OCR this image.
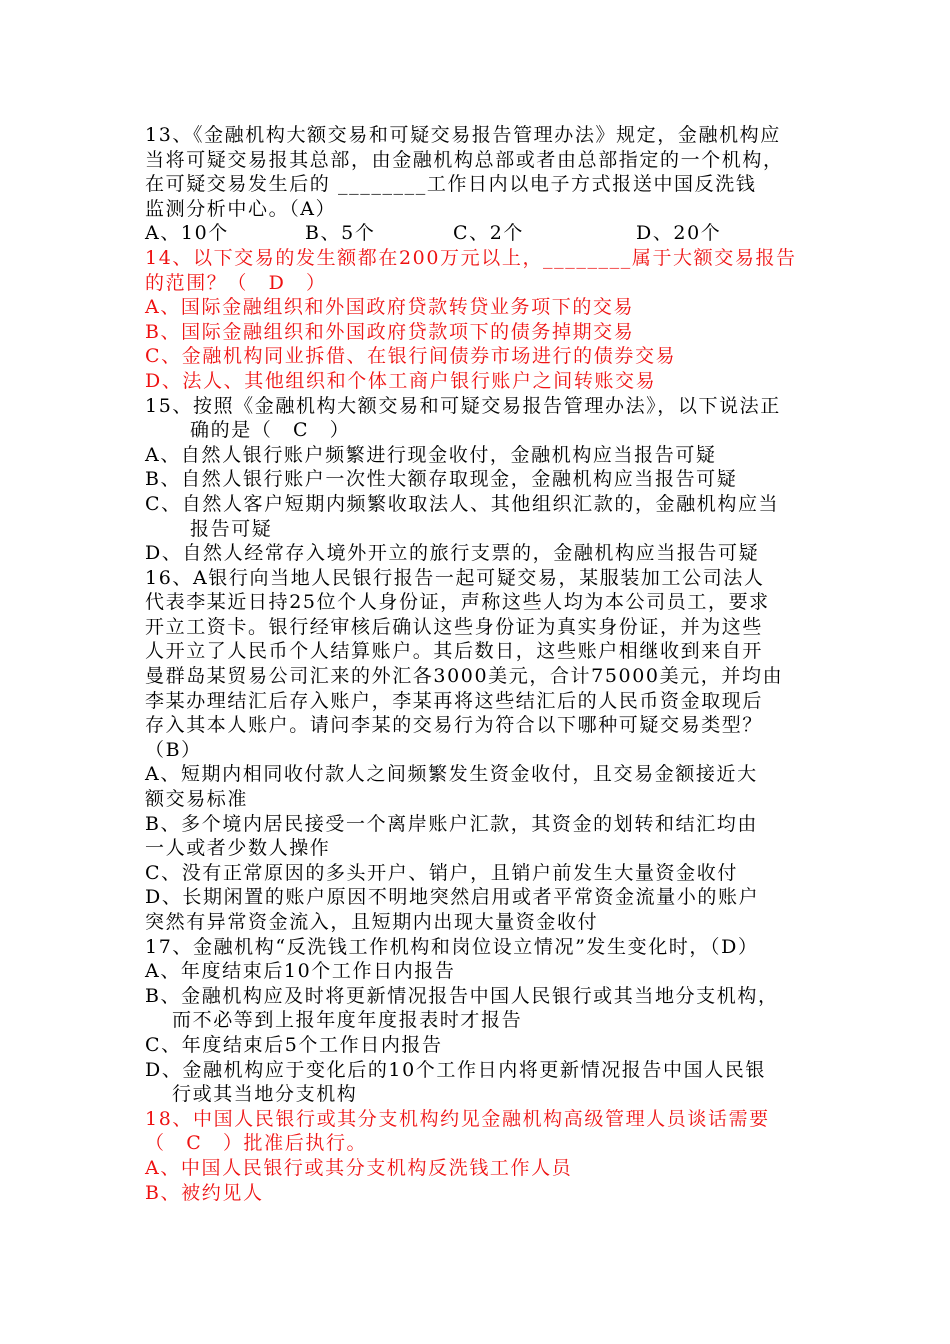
13、《金融机构大额交易和可疑交易报告管理办法》规定，金融机构应
当将可疑交易报其总部，由金融机构总部或者由总部指定的一个机构，
在可疑交易发生后的 ________工作日内以电子方式报送中国反洗钱
监测分析中心。（A）
A、10个	B、5个	C、2个	D、20个
14、以下交易的发生额都在200万元以上，________属于大额交易报告
的范围？（　D　）
A、国际金融组织和外国政府贷款转贷业务项下的交易
B、国际金融组织和外国政府贷款项下的债务掉期交易
C、金融机构同业拆借、在银行间债券市场进行的债券交易
D、法人、其他组织和个体工商户银行账户之间转账交易
15、按照《金融机构大额交易和可疑交易报告管理办法》，以下说法正
确的是（　C　）
A、自然人银行账户频繁进行现金收付，金融机构应当报告可疑
B、自然人银行账户一次性大额存取现金，金融机构应当报告可疑
C、自然人客户短期内频繁收取法人、其他组织汇款的，金融机构应当
报告可疑
D、自然人经常存入境外开立的旅行支票的，金融机构应当报告可疑
16、A银行向当地人民银行报告一起可疑交易，某服装加工公司法人
代表李某近日持25位个人身份证，声称这些人均为本公司员工，要求
开立工资卡。银行经审核后确认这些身份证为真实身份证，并为这些
人开立了人民币个人结算账户。其后数日，这些账户相继收到来自开
曼群岛某贸易公司汇来的外汇各3000美元，合计75000美元，并均由
李某办理结汇后存入账户，李某再将这些结汇后的人民币资金取现后
存入其本人账户。请问李某的交易行为符合以下哪种可疑交易类型？
（B）
A、短期内相同收付款人之间频繁发生资金收付，且交易金额接近大
额交易标准
B、多个境内居民接受一个离岸账户汇款，其资金的划转和结汇均由
一人或者少数人操作
C、没有正常原因的多头开户、销户，且销户前发生大量资金收付
D、长期闲置的账户原因不明地突然启用或者平常资金流量小的账户
突然有异常资金流入，且短期内出现大量资金收付
17、金融机构“反洗钱工作机构和岗位设立情况”发生变化时，（D）
A、年度结束后10个工作日内报告
B、金融机构应及时将更新情况报告中国人民银行或其当地分支机构，
而不必等到上报年度年度报表时才报告
C、年度结束后5个工作日内报告
D、金融机构应于变化后的10个工作日内将更新情况报告中国人民银
行或其当地分支机构
18、中国人民银行或其分支机构约见金融机构高级管理人员谈话需要
（　C　）批准后执行。
A、中国人民银行或其分支机构反洗钱工作人员
B、被约见人
